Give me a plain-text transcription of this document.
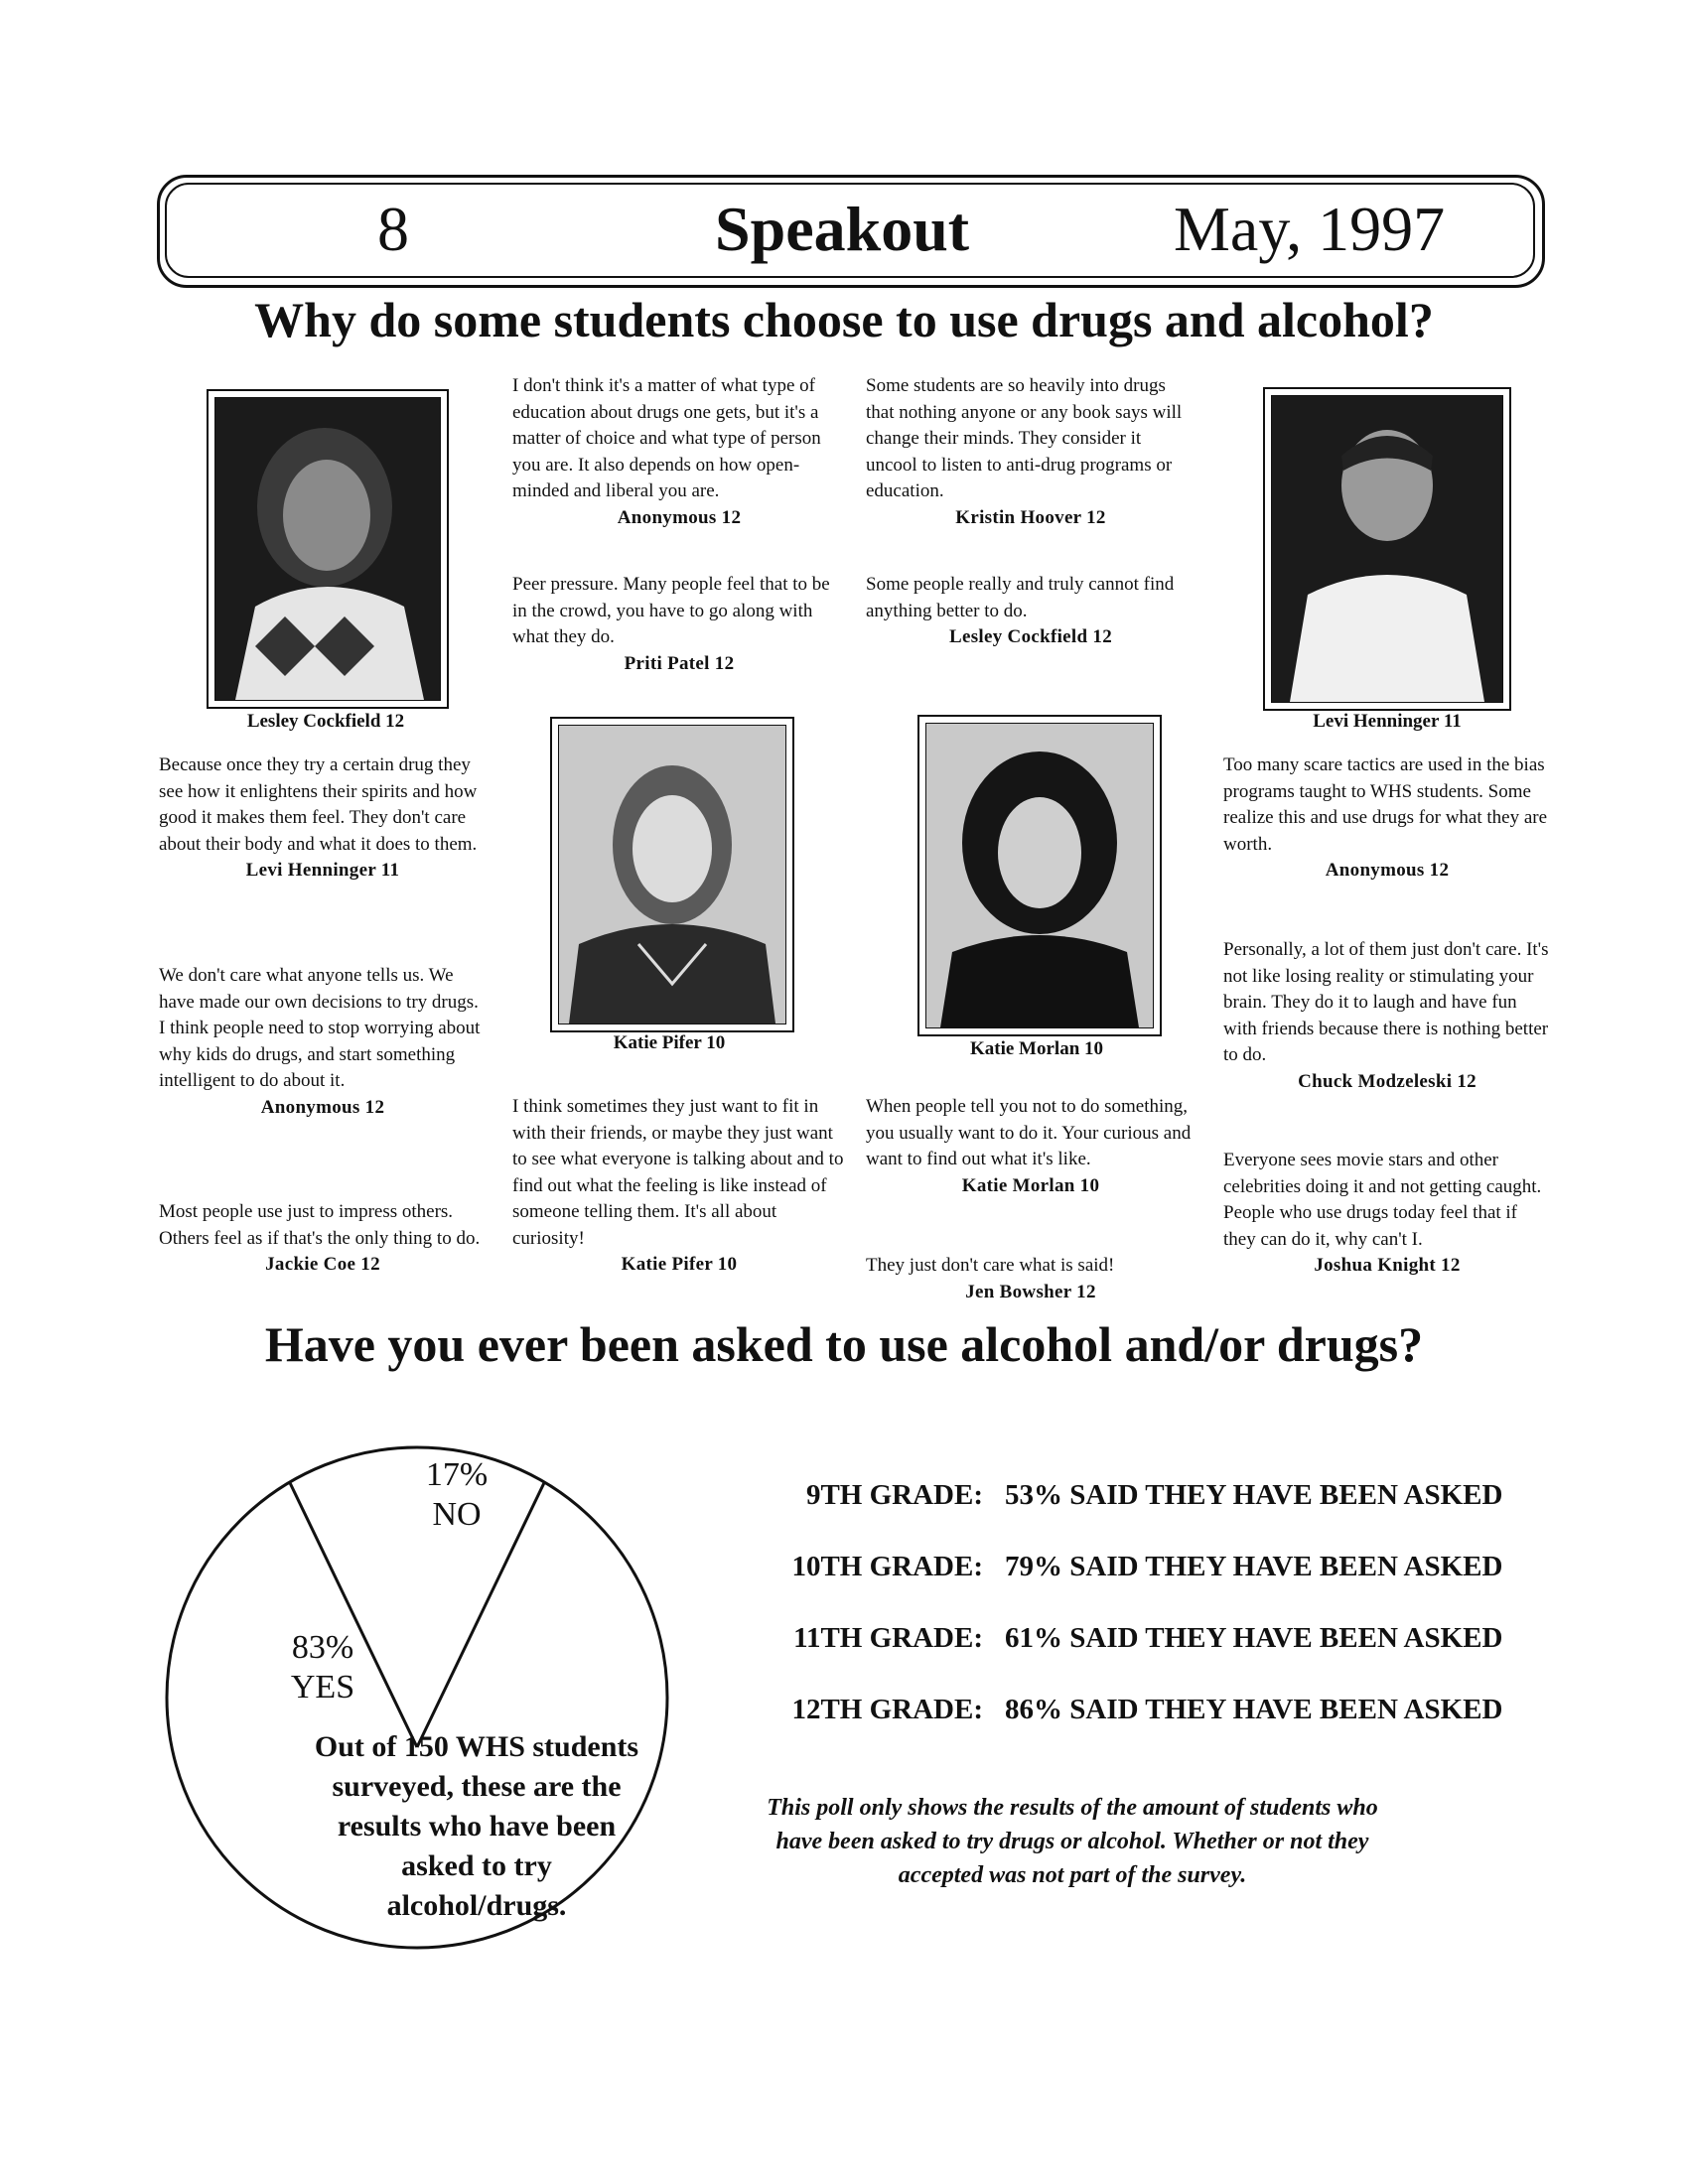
8	Speakout	May, 1997
Why do some students choose to use drugs and alcohol?
Lesley Cockfield 12	Levi Henninger 11
Katie Pifer 10	Katie Morlan 10

Because once they try a certain drug they see how it enlightens their spirits and how good it makes them feel. They don't care about their body and what it does to them.

Levi Henninger 11

We don't care what anyone tells us. We have made our own decisions to try drugs. I think people need to stop worrying about why kids do drugs, and start something intelligent to do about it.

Anonymous 12

Most people use just to impress others. Others feel as if that's the only thing to do.

Jackie Coe 12

I don't think it's a matter of what type of education about drugs one gets, but it's a matter of choice and what type of person you are. It also depends on how open- minded and liberal you are.

Anonymous 12

Peer pressure. Many people feel that to be in the crowd, you have to go along with what they do.

Priti Patel 12

I think sometimes they just want to fit in with their friends, or maybe they just want to see what everyone is talking about and to find out what the feeling is like instead of someone telling them. It's all about curiosity!

Katie Pifer 10

Some students are so heavily into drugs that nothing anyone or any book says will change their minds. They consider it uncool to listen to anti-drug programs or education.

Kristin Hoover 12

Some people really and truly cannot find anything better to do.

Lesley Cockfield 12

When people tell you not to do something, you usually want to do it. Your curious and want to find out what it's like.

Katie Morlan 10

They just don't care what is said!

Jen Bowsher 12

Too many scare tactics are used in the bias programs taught to WHS students. Some realize this and use drugs for what they are worth.

Anonymous 12

Personally, a lot of them just don't care. It's not like losing reality or stimulating your brain. They do it to laugh and have fun with friends because there is nothing better to do.

Chuck Modzeleski 12

Everyone sees movie stars and other celebrities doing it and not getting caught. People who use drugs today feel that if they can do it, why can't I.

Joshua Knight 12
Have you ever been asked to use alcohol and/or drugs?
17%
NO
83%
YES
Out of 150 WHS students surveyed, these are the results who have been asked to try alcohol/drugs.
9TH GRADE: 53% SAID THEY HAVE BEEN ASKED
10TH GRADE: 79% SAID THEY HAVE BEEN ASKED
11TH GRADE: 61% SAID THEY HAVE BEEN ASKED
12TH GRADE: 86% SAID THEY HAVE BEEN ASKED
This poll only shows the results of the amount of students who have been asked to try drugs or alcohol. Whether or not they accepted was not part of the survey.
